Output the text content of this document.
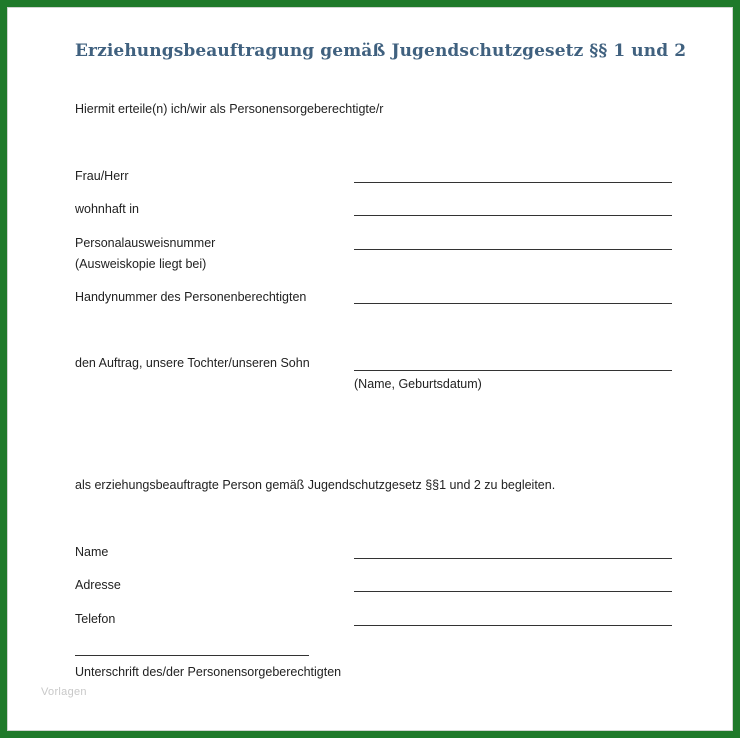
Erziehungsbeauftragung gemäß Jugendschutzgesetz §§ 1 und 2
Hiermit erteile(n) ich/wir als Personensorgeberechtigte/r
Frau/Herr
wohnhaft in
Personalausweisnummer
(Ausweiskopie liegt bei)
Handynummer des Personenberechtigten
den Auftrag, unsere Tochter/unseren Sohn
(Name, Geburtsdatum)
als erziehungsbeauftragte Person gemäß Jugendschutzgesetz §§1 und 2 zu begleiten.
Name
Adresse
Telefon
Unterschrift des/der Personensorgeberechtigten
Vorlagen
